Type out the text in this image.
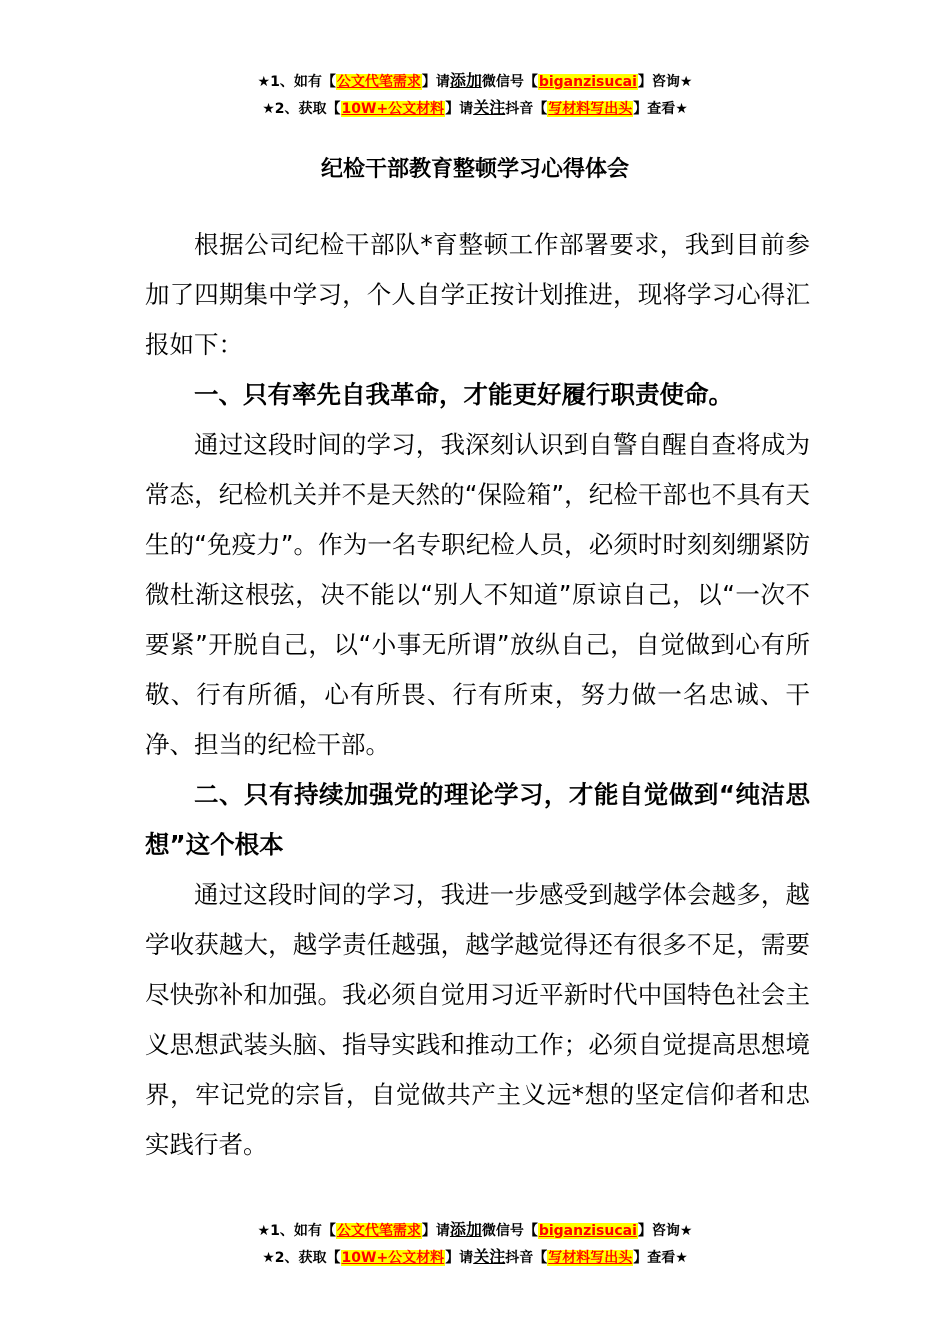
★1、如有【公文代笔需求】请添加微信号【biganzisucai】咨询★
★2、获取【10W+公文材料】请关注抖音【写材料写出头】查看★
纪检干部教育整顿学习心得体会

根据公司纪检干部队*育整顿工作部署要求，我到目前参加了四期集中学习，个人自学正按计划推进，现将学习心得汇报如下：

一、只有率先自我革命，才能更好履行职责使命。

通过这段时间的学习，我深刻认识到自警自醒自查将成为常态，纪检机关并不是天然的“保险箱”，纪检干部也不具有天生的“免疫力”。作为一名专职纪检人员，必须时时刻刻绷紧防微杜渐这根弦，决不能以“别人不知道”原谅自己，以“一次不要紧”开脱自己，以“小事无所谓”放纵自己，自觉做到心有所敬、行有所循，心有所畏、行有所束，努力做一名忠诚、干净、担当的纪检干部。

二、只有持续加强党的理论学习，才能自觉做到“纯洁思想”这个根本

通过这段时间的学习，我进一步感受到越学体会越多，越学收获越大，越学责任越强，越学越觉得还有很多不足，需要尽快弥补和加强。我必须自觉用习近平新时代中国特色社会主义思想武装头脑、指导实践和推动工作；必须自觉提高思想境界，牢记党的宗旨，自觉做共产主义远*想的坚定信仰者和忠实践行者。

★1、如有【公文代笔需求】请添加微信号【biganzisucai】咨询★
★2、获取【10W+公文材料】请关注抖音【写材料写出头】查看★
